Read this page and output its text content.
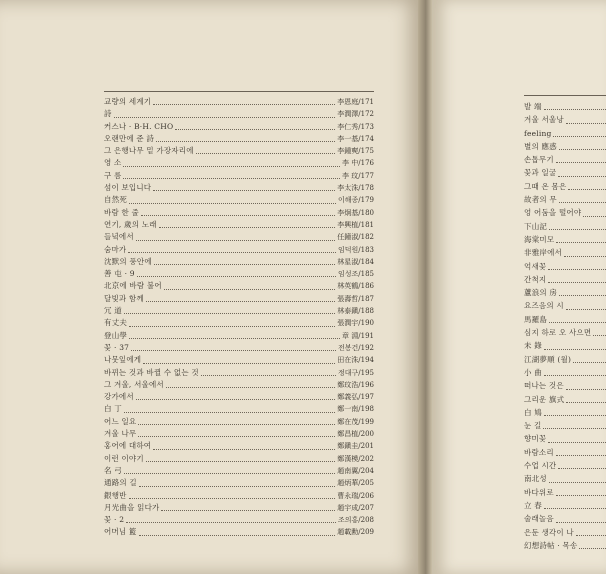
교량의 세계기	李恩庭/171
詩	李潤澤/172
커스나 · B·H. CHO	李仁秀/173
오랜만에 준 詩	李一基/174
그 은행나무 밑 가장자리에	李鍾奭/175
영 소	李 中/176
구 름	李 玟/177
섬이 보입니다	李太洙/178
自然死	이해종/179
바람 한 줄	李炯基/180
연기, 歲의 노래	李興植/181
들녘에서	任鐘淑/182
숨마가	임덕원/183
沈默의 풍안에	林星淑/184
善 屯 · 9	임성조/185
北京에 바람 불어	林英鶴/186
달빛과 함께	張壽哲/187
冗 道	林泰鎭/188
有丈夫	張潤宇/190
登山學	章 淵/191
꽃 · 37	전봉건/192
나뭇잎에게	田在洙/194
바뀌는 것과 바뀔 수 없는 것	정대구/195
그 겨울, 서울에서	鄭玟浩/196
강가에서	鄭義弘/197
白 丁	鄭一南/198
어느 일요	鄭在茂/199
겨울 나무	鄭昌植/200
홍어에 대하여	鄭鎭圭/201
이런 이야기	鄭漢模/202
名 弓	趙南翼/204
通路의 길	趙炳華/205
銀행반	曹永瑞/206
月光曲을 읽다가	趙宇成/207
꽃 · 2	조의홍/208
어머님 籃	趙載勳/209
발 端
겨울 서울낭
feeling
별의 應惑
손톱무기
꽃과 일굴
그때 온 몸은
故者의 무
엉 어둠을 떨어야
下山記
海棠미모
非雅岸에서
억새꽃
간척지
蘆浪의 房
요즈음의 시
馬羅島
심지 하로 오 사으면
未 錄
江湖夢順 (월)
小 曲
떠나는 것은
그리운 旗式
白 鳩
눈 길
향미꽃
바람소리
수업 시간
南北성
바다위로
立 春
술래놀음
은둔 생각이 나
幻想詩帖 · 목송
